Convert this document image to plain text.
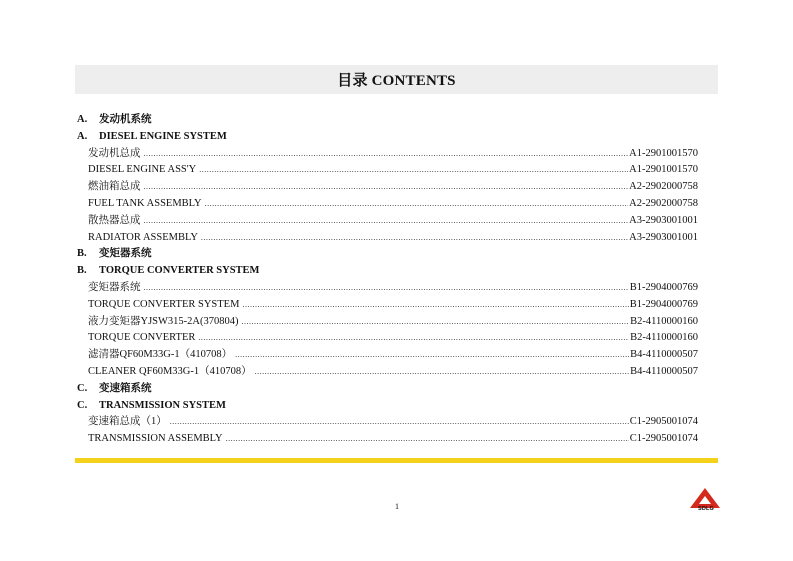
目录 CONTENTS
A. 发动机系统
A. DIESEL ENGINE SYSTEM
发动机总成 .....	A1-2901001570
DIESEL ENGINE ASS'Y .....	A1-2901001570
燃油箱总成 .....	A2-2902000758
FUEL TANK ASSEMBLY .....	A2-2902000758
散热器总成 .....	A3-2903001001
RADIATOR ASSEMBLY .....	A3-2903001001
B. 变矩器系统
B. TORQUE CONVERTER SYSTEM
变矩器系统 .....	B1-2904000769
TORQUE CONVERTER SYSTEM .....	B1-2904000769
液力变矩器YJSW315-2A(370804) .....	B2-4110000160
TORQUE CONVERTER .....	B2-4110000160
滤清器QF60M33G-1（410708） .....	B4-4110000507
CLEANER QF60M33G-1（410708） .....	B4-4110000507
C. 变速箱系统
C. TRANSMISSION SYSTEM
变速箱总成（1） .....	C1-2905001074
TRANSMISSION ASSEMBLY .....	C1-2905001074
1	SDLG
